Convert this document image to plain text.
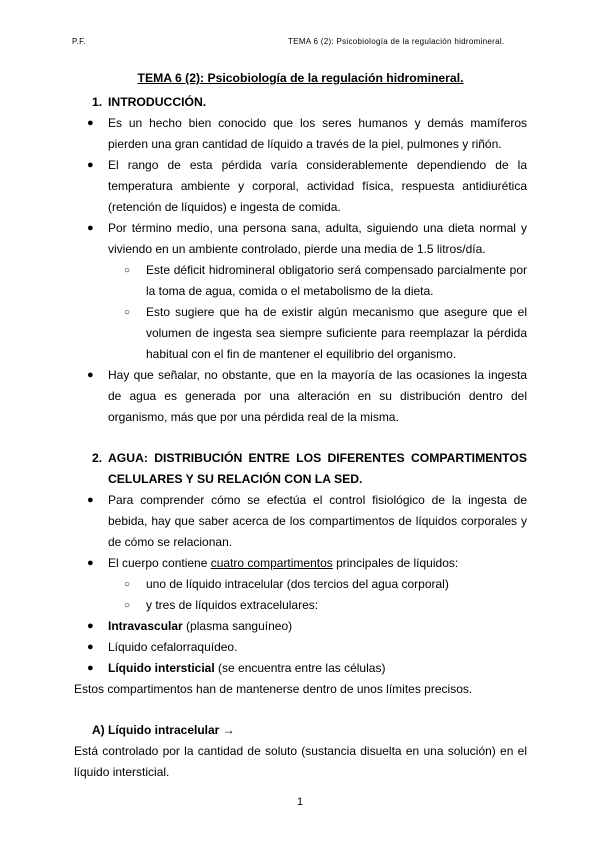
P.F.	TEMA 6 (2): Psicobiología de la regulación hidromineral.
TEMA 6 (2): Psicobiología de la regulación hidromineral.
1. INTRODUCCIÓN.
●	Es un hecho bien conocido que los seres humanos y demás mamíferos pierden una gran cantidad de líquido a través de la piel, pulmones y riñón.
●	El rango de esta pérdida varía considerablemente dependiendo de la temperatura ambiente y corporal, actividad física, respuesta antidiurética (retención de líquidos) e ingesta de comida.
●	Por término medio, una persona sana, adulta, siguiendo una dieta normal y viviendo en un ambiente controlado, pierde una media de 1.5 litros/día.
○	Este déficit hidromineral obligatorio será compensado parcialmente por la toma de agua, comida o el metabolismo de la dieta.
○	Esto sugiere que ha de existir algún mecanismo que asegure que el volumen de ingesta sea siempre suficiente para reemplazar la pérdida habitual con el fin de mantener el equilibrio del organismo.
●	Hay que señalar, no obstante, que en la mayoría de las ocasiones la ingesta de agua es generada por una alteración en su distribución dentro del organismo, más que por una pérdida real de la misma.
2. AGUA: DISTRIBUCIÓN ENTRE LOS DIFERENTES COMPARTIMENTOS CELULARES Y SU RELACIÓN CON LA SED.
●	Para comprender cómo se efectúa el control fisiológico de la ingesta de bebida, hay que saber acerca de los compartimentos de líquidos corporales y de cómo se relacionan.
●	El cuerpo contiene cuatro compartimentos principales de líquidos:
○	uno de líquido intracelular (dos tercios del agua corporal)
○	y tres de líquidos extracelulares:
●	Intravascular (plasma sanguíneo)
●	Líquido cefalorraquídeo.
●	Líquido intersticial (se encuentra entre las células)
Estos compartimentos han de mantenerse dentro de unos límites precisos.
A) Líquido intracelular →
Está controlado por la cantidad de soluto (sustancia disuelta en una solución) en el líquido intersticial.
1
